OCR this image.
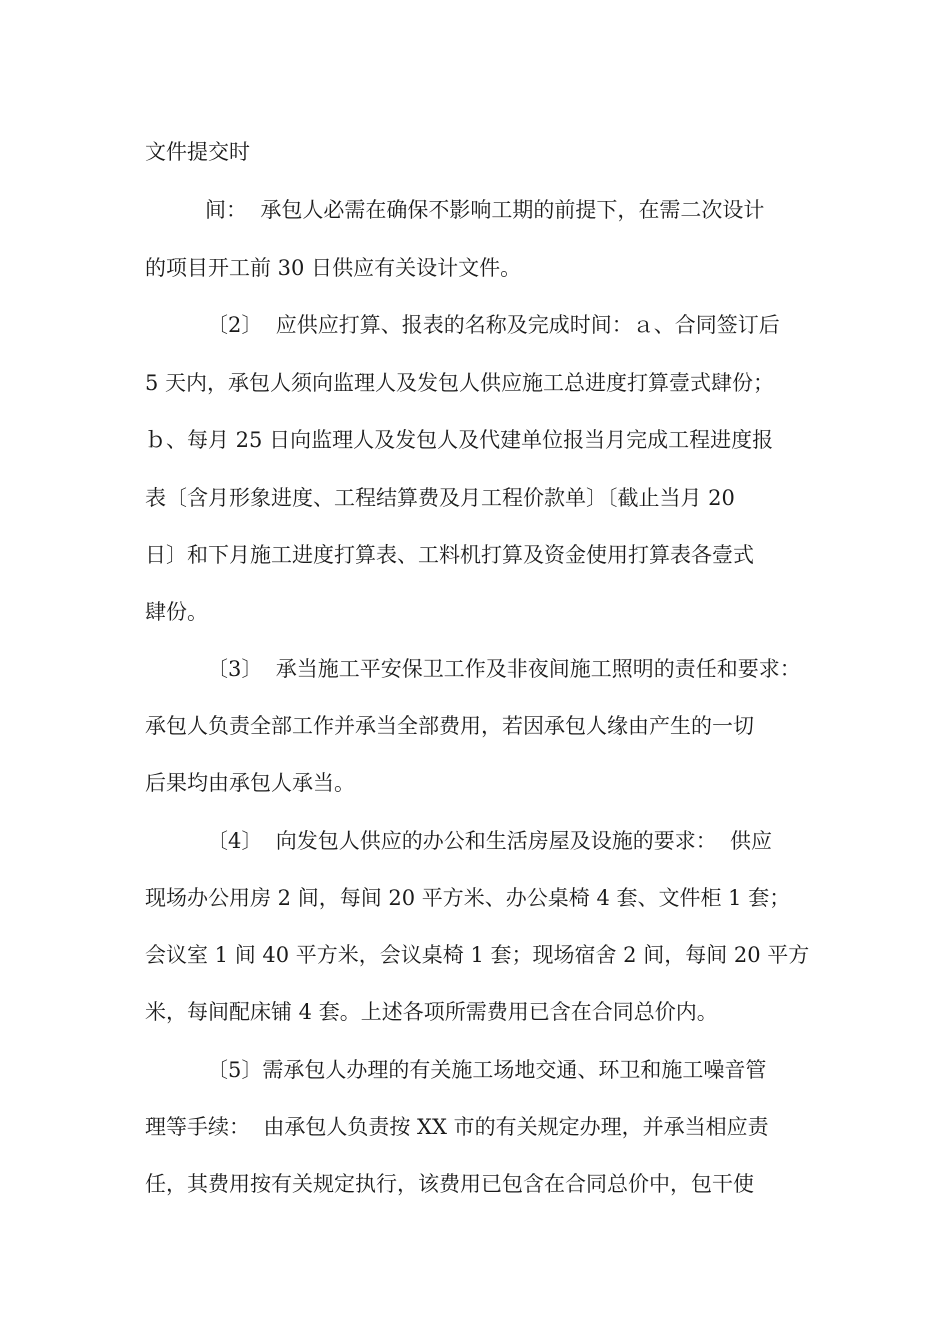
文件提交时
间：  承包人必需在确保不影响工期的前提下，在需二次设计
的项目开工前 30 日供应有关设计文件。
〔2〕  应供应打算、报表的名称及完成时间：ａ、合同签订后
5 天内，承包人须向监理人及发包人供应施工总进度打算壹式肆份；
ｂ、每月 25 日向监理人及发包人及代建单位报当月完成工程进度报
表〔含月形象进度、工程结算费及月工程价款单〕〔截止当月 20
日〕和下月施工进度打算表、工料机打算及资金使用打算表各壹式
肆份。
〔3〕  承当施工平安保卫工作及非夜间施工照明的责任和要求：
承包人负责全部工作并承当全部费用，若因承包人缘由产生的一切
后果均由承包人承当。
〔4〕  向发包人供应的办公和生活房屋及设施的要求：  供应
现场办公用房 2 间，每间 20 平方米、办公桌椅 4 套、文件柜 1 套；
会议室 1 间 40 平方米，会议桌椅 1 套；现场宿舍 2 间，每间 20 平方
米，每间配床铺 4 套。上述各项所需费用已含在合同总价内。
〔5〕需承包人办理的有关施工场地交通、环卫和施工噪音管
理等手续：  由承包人负责按 XX 市的有关规定办理，并承当相应责
任，其费用按有关规定执行，该费用已包含在合同总价中，包干使
